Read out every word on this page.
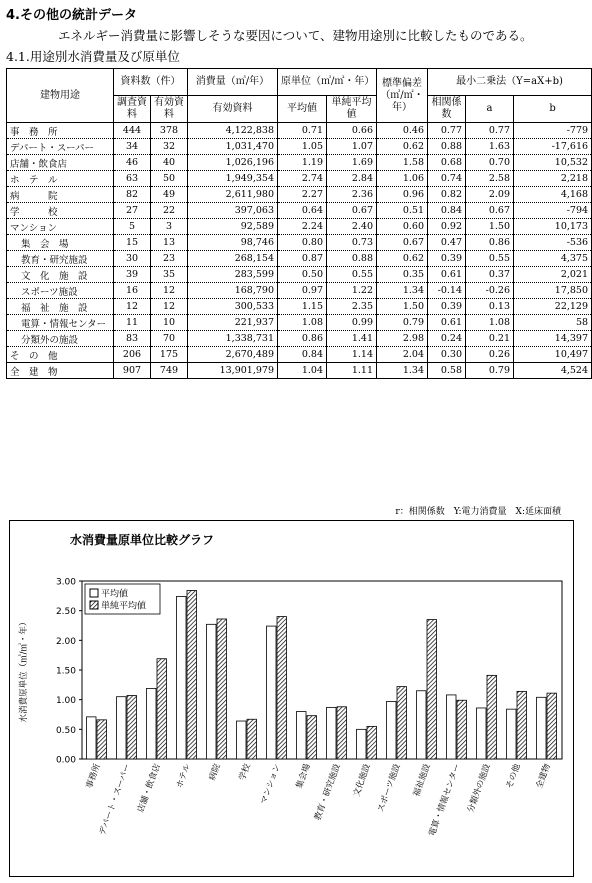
4.その他の統計データ
エネルギー消費量に影響しそうな要因について、建物用途別に比較したものである。
4.1.用途別水消費量及び原単位
建物用途	資料数（件）		消費量（㎥/年）	原単位（㎥/㎡・年）		標準偏差（㎥/㎡・年）	最小二乗法（Y=aX+b)		
	調査資料	有効資料	有効資料	平均値	単純平均値		相関係数	a	b
事　務　所	444	378	4,122,838	0.71	0.66	0.46	0.77	0.77	-779
デパート・スーパー	34	32	1,031,470	1.05	1.07	0.62	0.88	1.63	-17,616
店舗・飲食店	46	40	1,026,196	1.19	1.69	1.58	0.68	0.70	10,532
ホ　テ　ル	63	50	1,949,354	2.74	2.84	1.06	0.74	2.58	2,218
病　　　院	82	49	2,611,980	2.27	2.36	0.96	0.82	2.09	4,168
学　　　校	27	22	397,063	0.64	0.67	0.51	0.84	0.67	-794
マンション	5	3	92,589	2.24	2.40	0.60	0.92	1.50	10,173
集　会　場	15	13	98,746	0.80	0.73	0.67	0.47	0.86	-536
教育・研究施設	30	23	268,154	0.87	0.88	0.62	0.39	0.55	4,375
文　化　施　設	39	35	283,599	0.50	0.55	0.35	0.61	0.37	2,021
スポーツ施設	16	12	168,790	0.97	1.22	1.34	-0.14	-0.26	17,850
福　祉　施　設	12	12	300,533	1.15	2.35	1.50	0.39	0.13	22,129
電算・情報センター	11	10	221,937	1.08	0.99	0.79	0.61	1.08	58
分類外の施設	83	70	1,338,731	0.86	1.41	2.98	0.24	0.21	14,397
そ　の　他	206	175	2,670,489	0.84	1.14	2.04	0.30	0.26	10,497
全　建　物	907	749	13,901,979	1.04	1.11	1.34	0.58	0.79	4,524
r：相関係数　Y:電力消費量　X:延床面積
水消費量原単位比較グラフ
0.00
0.50
1.00
1.50
2.00
2.50
3.00
水消費原単位（㎥/㎡・年）
事務所
デパート・スーパー 店舗・飲食店 ホテル 病院 学校 マンション 集会場 教育・研究施設 文化施設 スポーツ施設 福祉施設
電算・情報センター 分類外の施設 その他 全建物
平均値
単純平均値
